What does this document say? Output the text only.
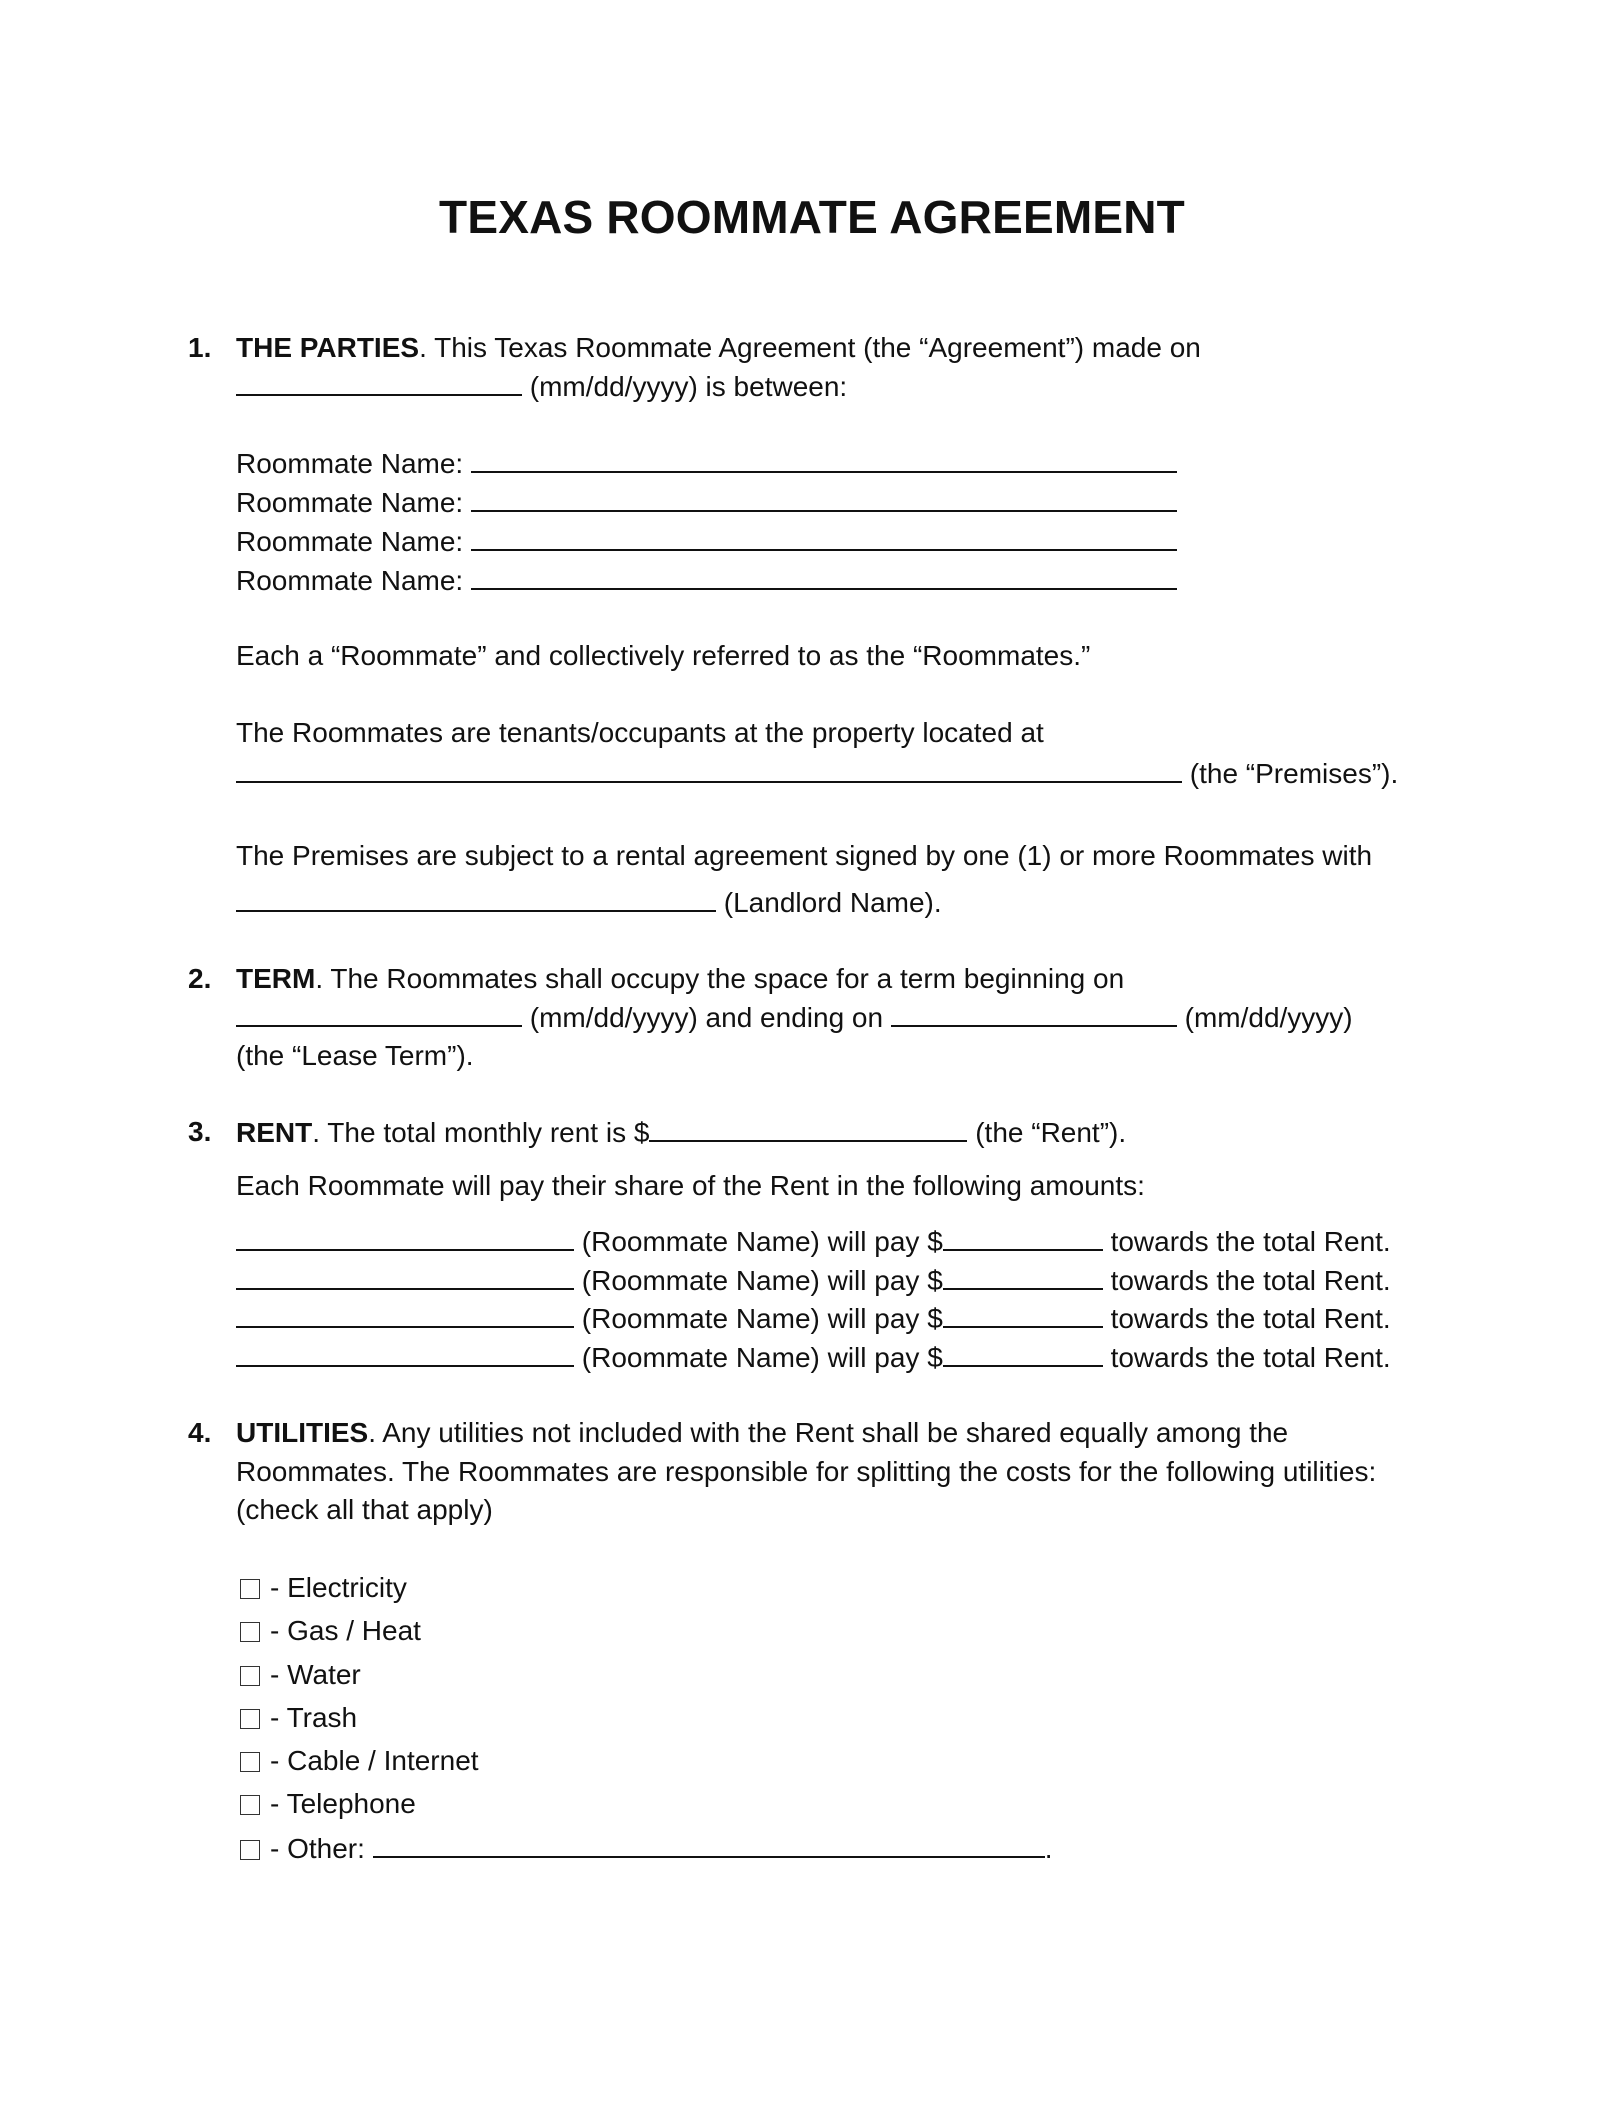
TEXAS ROOMMATE AGREEMENT
1. THE PARTIES. This Texas Roommate Agreement (the “Agreement”) made on
(mm/dd/yyyy) is between:
Roommate Name:
Roommate Name:
Roommate Name:
Roommate Name:
Each a “Roommate” and collectively referred to as the “Roommates.”
The Roommates are tenants/occupants at the property located at
(the “Premises”).
The Premises are subject to a rental agreement signed by one (1) or more Roommates with
(Landlord Name).
2. TERM. The Roommates shall occupy the space for a term beginning on
(mm/dd/yyyy) and ending on	(mm/dd/yyyy)
(the “Lease Term”).
3. RENT. The total monthly rent is $	(the “Rent”).
Each Roommate will pay their share of the Rent in the following amounts:
(Roommate Name) will pay $	towards the total Rent.
(Roommate Name) will pay $	towards the total Rent.
(Roommate Name) will pay $	towards the total Rent.
(Roommate Name) will pay $	towards the total Rent.
4. UTILITIES. Any utilities not included with the Rent shall be shared equally among the
Roommates. The Roommates are responsible for splitting the costs for the following utilities:
(check all that apply)
- Electricity
- Gas / Heat
- Water
- Trash
- Cable / Internet
- Telephone
- Other:	.
